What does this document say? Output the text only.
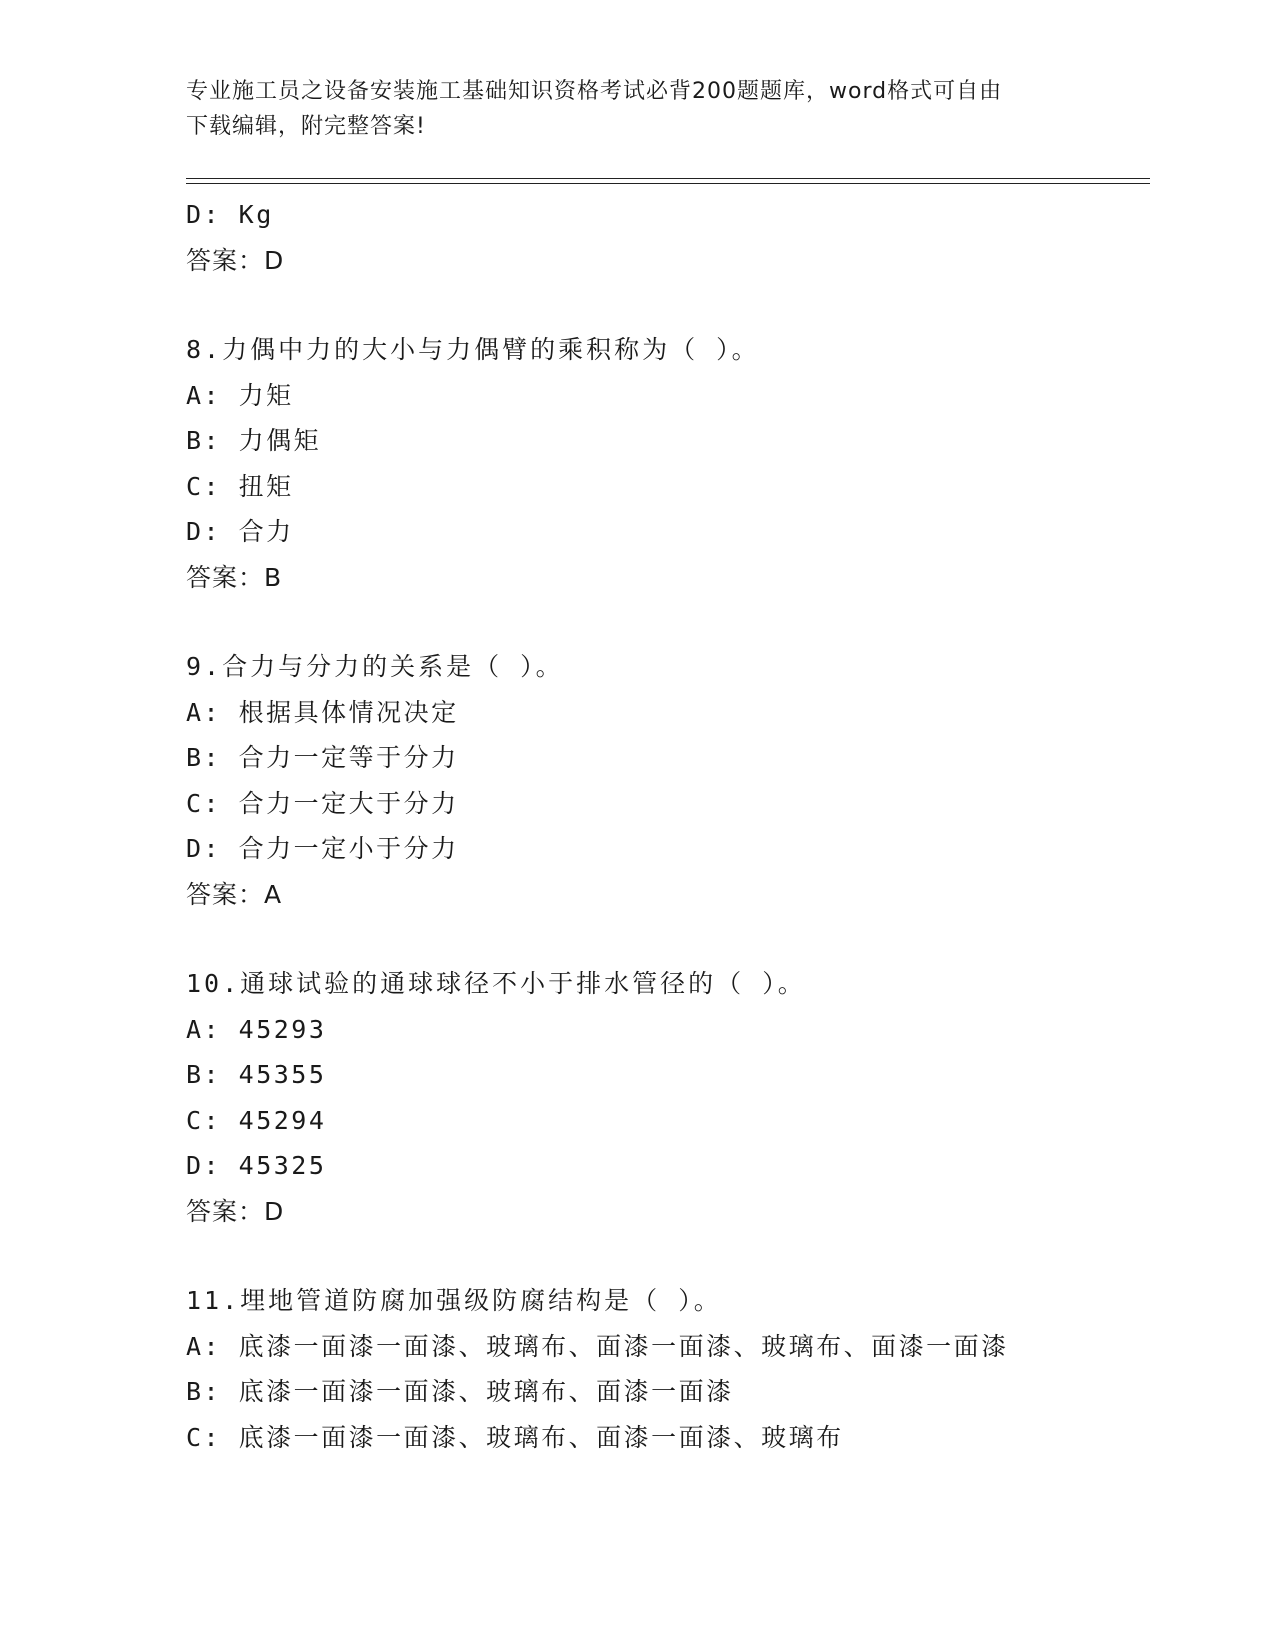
专业施工员之设备安装施工基础知识资格考试必背200题题库，word格式可自由
下载编辑，附完整答案!
D: Kg
答案：D
8.力偶中力的大小与力偶臂的乘积称为（ ）。
A: 力矩
B: 力偶矩
C: 扭矩
D: 合力
答案：B
9.合力与分力的关系是（ ）。
A: 根据具体情况决定
B: 合力一定等于分力
C: 合力一定大于分力
D: 合力一定小于分力
答案：A
10.通球试验的通球球径不小于排水管径的（ ）。
A: 45293
B: 45355
C: 45294
D: 45325
答案：D
11.埋地管道防腐加强级防腐结构是（ ）。
A: 底漆一面漆一面漆、玻璃布、面漆一面漆、玻璃布、面漆一面漆
B: 底漆一面漆一面漆、玻璃布、面漆一面漆
C: 底漆一面漆一面漆、玻璃布、面漆一面漆、玻璃布
